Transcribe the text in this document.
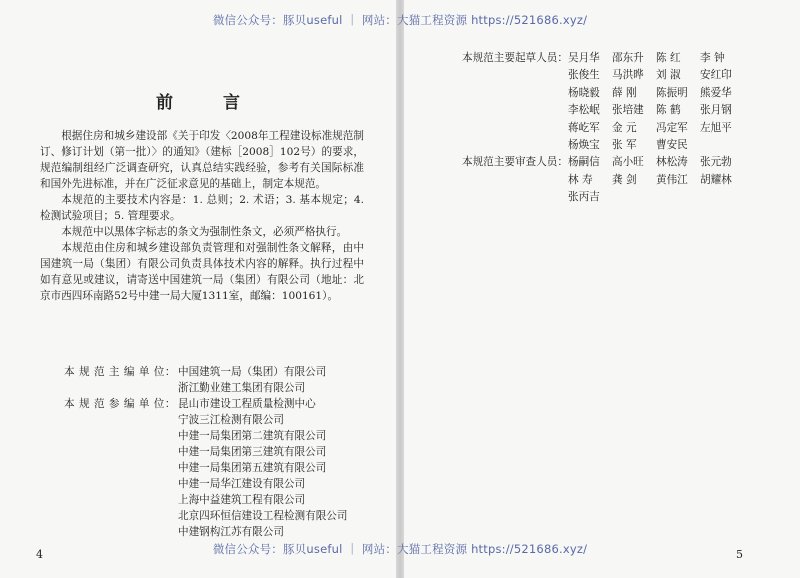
微信公众号：豚贝useful ｜ 网站：大猫工程资源 https://521686.xyz/
前 言

根据住房和城乡建设部《关于印发〈2008年工程建设标准规范制订、修订计划（第一批）〉的通知》（建标［2008］102号）的要求，规范编制组经广泛调查研究，认真总结实践经验，参考有关国际标准和国外先进标准，并在广泛征求意见的基础上，制定本规范。

本规范的主要技术内容是：1. 总则；2. 术语；3. 基本规定；4. 检测试验项目；5. 管理要求。

本规范中以黑体字标志的条文为强制性条文，必须严格执行。

本规范由住房和城乡建设部负责管理和对强制性条文解释，由中国建筑一局（集团）有限公司负责具体技术内容的解释。执行过程中如有意见或建议，请寄送中国建筑一局（集团）有限公司（地址：北京市西四环南路52号中建一局大厦1311室，邮编：100161）。

本 规 范 主 编 单 位： 中国建筑一局（集团）有限公司
浙江勤业建工集团有限公司
本 规 范 参 编 单 位： 昆山市建设工程质量检测中心
宁波三江检测有限公司
中建一局集团第二建筑有限公司
中建一局集团第三建筑有限公司
中建一局集团第五建筑有限公司
中建一局华江建设有限公司
上海中益建筑工程有限公司
北京四环恒信建设工程检测有限公司
中建钢构江苏有限公司
本规范主要起草人员： 吴月华	邵东升	陈 红	李 钟
张俊生	马洪晔	刘 淑	安红印
杨晓毅	薛 刚	陈振明	熊爱华
李松岷	张培建	陈 鹤	张月钢
蒋屹军	金 元	冯定军	左旭平
杨焕宝	张 军	曹安民
本规范主要审查人员： 杨嗣信	高小旺	林松涛	张元勃
林 寿	龚 剑	黄伟江	胡耀林
张丙吉
4	5
微信公众号：豚贝useful ｜ 网站：大猫工程资源 https://521686.xyz/
